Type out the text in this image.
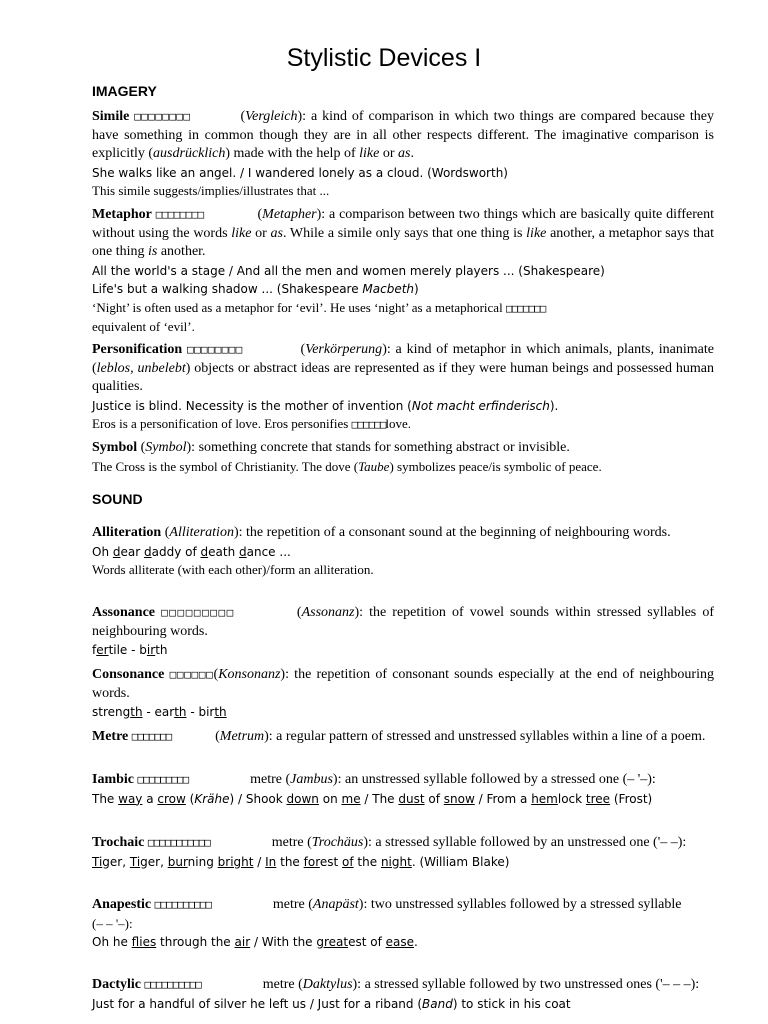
Stylistic Devices I
IMAGERY
Simile □□□□□□□□	(Vergleich): a kind of comparison in which two things are compared because they have something in common though they are in all other respects different. The imaginative comparison is explicitly (ausdrücklich) made with the help of like or as.
She walks like an angel. / I wandered lonely as a cloud. (Wordsworth)
This simile suggests/implies/illustrates that ...
Metaphor □□□□□□□□	(Metapher): a comparison between two things which are basically quite different without using the words like or as. While a simile only says that one thing is like another, a metaphor says that one thing is another.
All the world's a stage / And all the men and women merely players ... (Shakespeare)
Life's but a walking shadow ... (Shakespeare Macbeth)
‘Night’ is often used as a metaphor for ‘evil’. He uses ‘night’ as a metaphorical □□□□□□□
equivalent of ‘evil’.
Personification □□□□□□□□	(Verkörperung): a kind of metaphor in which animals, plants, inanimate (leblos, unbelebt) objects or abstract ideas are represented as if they were human beings and possessed human qualities.
Justice is blind. Necessity is the mother of invention (Not macht erfinderisch).
Eros is a personification of love. Eros personifies □□□□□□love.
Symbol (Symbol): something concrete that stands for something abstract or invisible.
The Cross is the symbol of Christianity. The dove (Taube) symbolizes peace/is symbolic of peace.
SOUND
Alliteration (Alliteration): the repetition of a consonant sound at the beginning of neighbouring words.
Oh dear daddy of death dance ...
Words alliterate (with each other)/form an alliteration.
Assonance □□□□□□□□□	(Assonanz): the repetition of vowel sounds within stressed syllables of neighbouring words.
fertile - birth
Consonance □□□□□□(Konsonanz): the repetition of consonant sounds especially at the end of neighbouring words.
strength - earth - birth
Metre □□□□□□□	(Metrum): a regular pattern of stressed and unstressed syllables within a line of a poem.
Iambic □□□□□□□□□	metre (Jambus): an unstressed syllable followed by a stressed one (– '–):
The way a crow (Krähe) / Shook down on me / The dust of snow / From a hemlock tree (Frost)
Trochaic □□□□□□□□□□□	metre (Trochäus): a stressed syllable followed by an unstressed one ('– –):
Tiger, Tiger, burning bright / In the forest of the night. (William Blake)
Anapestic □□□□□□□□□□	metre (Anapäst): two unstressed syllables followed by a stressed syllable
(– – '–):
Oh he flies through the air / With the greatest of ease.
Dactylic □□□□□□□□□□	metre (Daktylus): a stressed syllable followed by two unstressed ones ('– – –):
Just for a handful of silver he left us / Just for a riband (Band) to stick in his coat
